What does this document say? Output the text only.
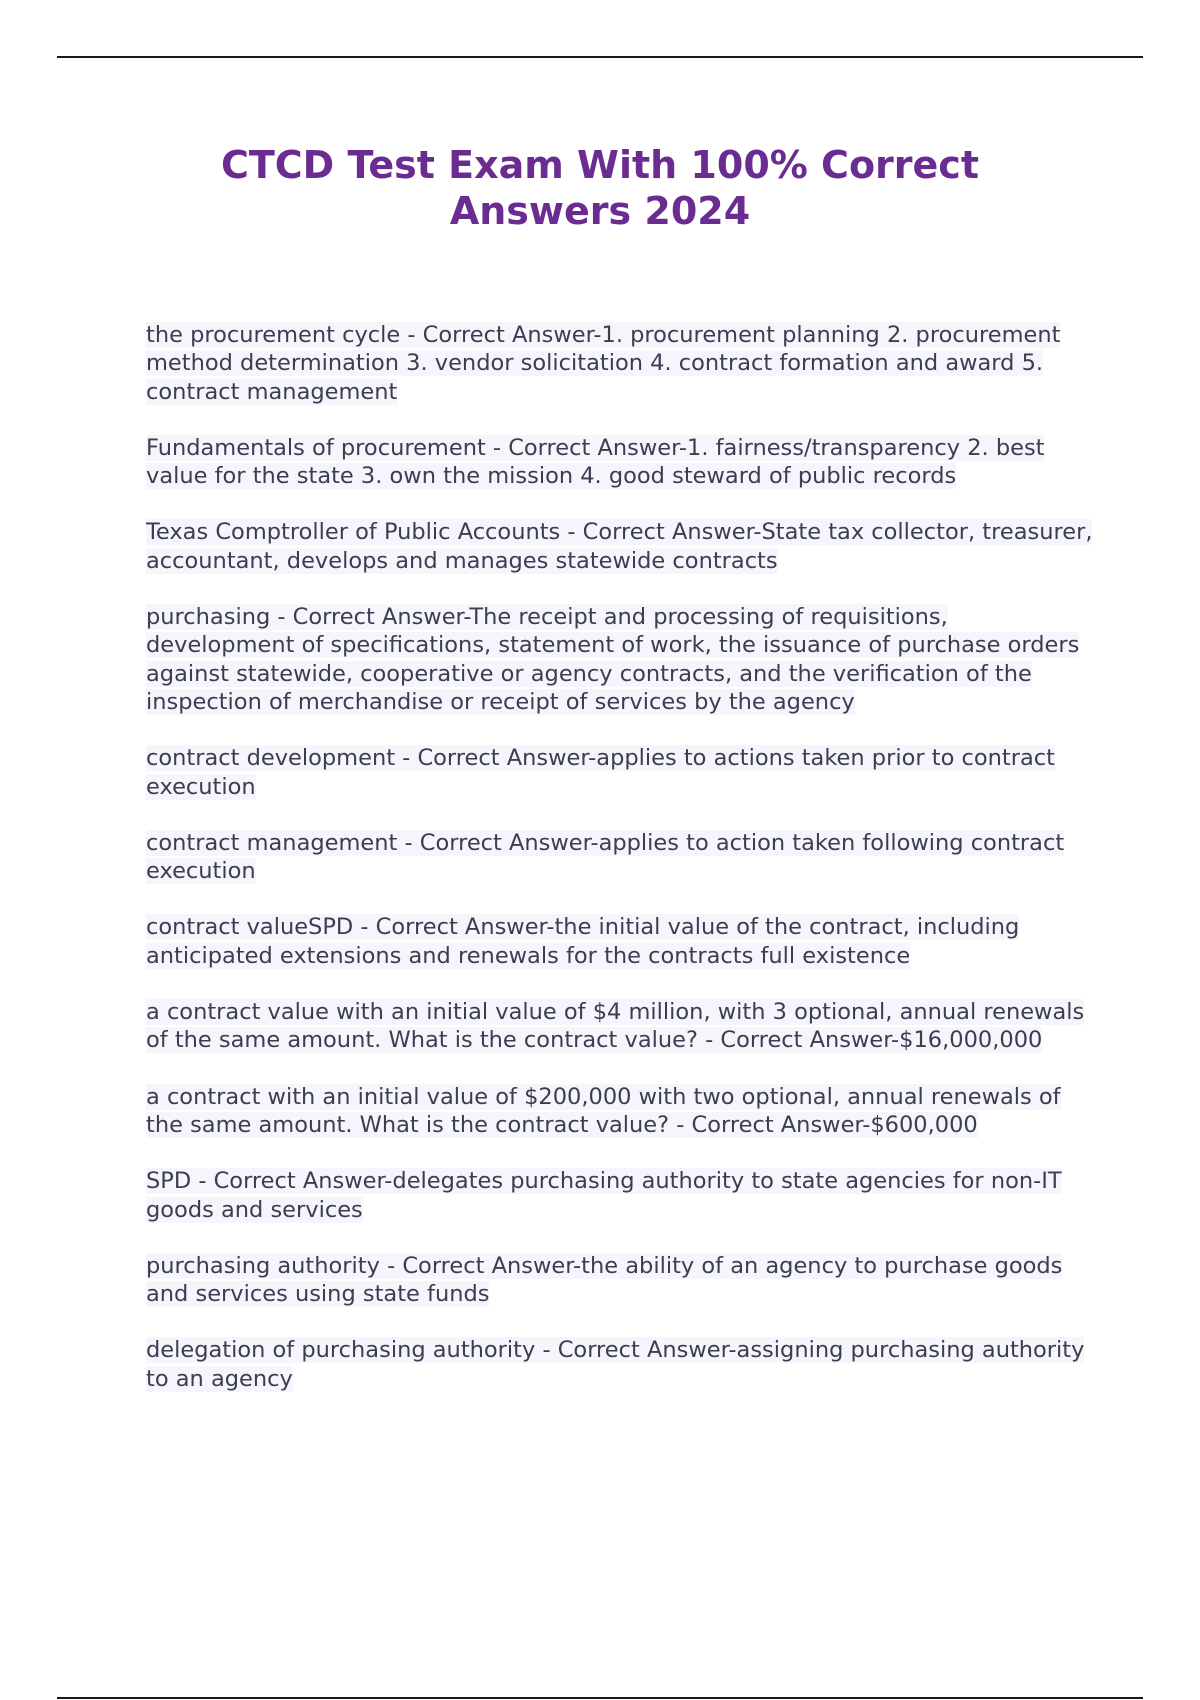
CTCD Test Exam With 100% Correct
Answers 2024

the procurement cycle - Correct Answer-1. procurement planning 2. procurement method determination 3. vendor solicitation 4. contract formation and award 5. contract management

Fundamentals of procurement - Correct Answer-1. fairness/transparency 2. best value for the state 3. own the mission 4. good steward of public records

Texas Comptroller of Public Accounts - Correct Answer-State tax collector, treasurer, accountant, develops and manages statewide contracts

purchasing - Correct Answer-The receipt and processing of requisitions, development of specifications, statement of work, the issuance of purchase orders against statewide, cooperative or agency contracts, and the verification of the inspection of merchandise or receipt of services by the agency

contract development - Correct Answer-applies to actions taken prior to contract execution

contract management - Correct Answer-applies to action taken following contract execution

contract valueSPD - Correct Answer-the initial value of the contract, including anticipated extensions and renewals for the contracts full existence

a contract value with an initial value of $4 million, with 3 optional, annual renewals of the same amount. What is the contract value? - Correct Answer-$16,000,000

a contract with an initial value of $200,000 with two optional, annual renewals of the same amount. What is the contract value? - Correct Answer-$600,000

SPD - Correct Answer-delegates purchasing authority to state agencies for non-IT goods and services

purchasing authority - Correct Answer-the ability of an agency to purchase goods and services using state funds

delegation of purchasing authority - Correct Answer-assigning purchasing authority to an agency
